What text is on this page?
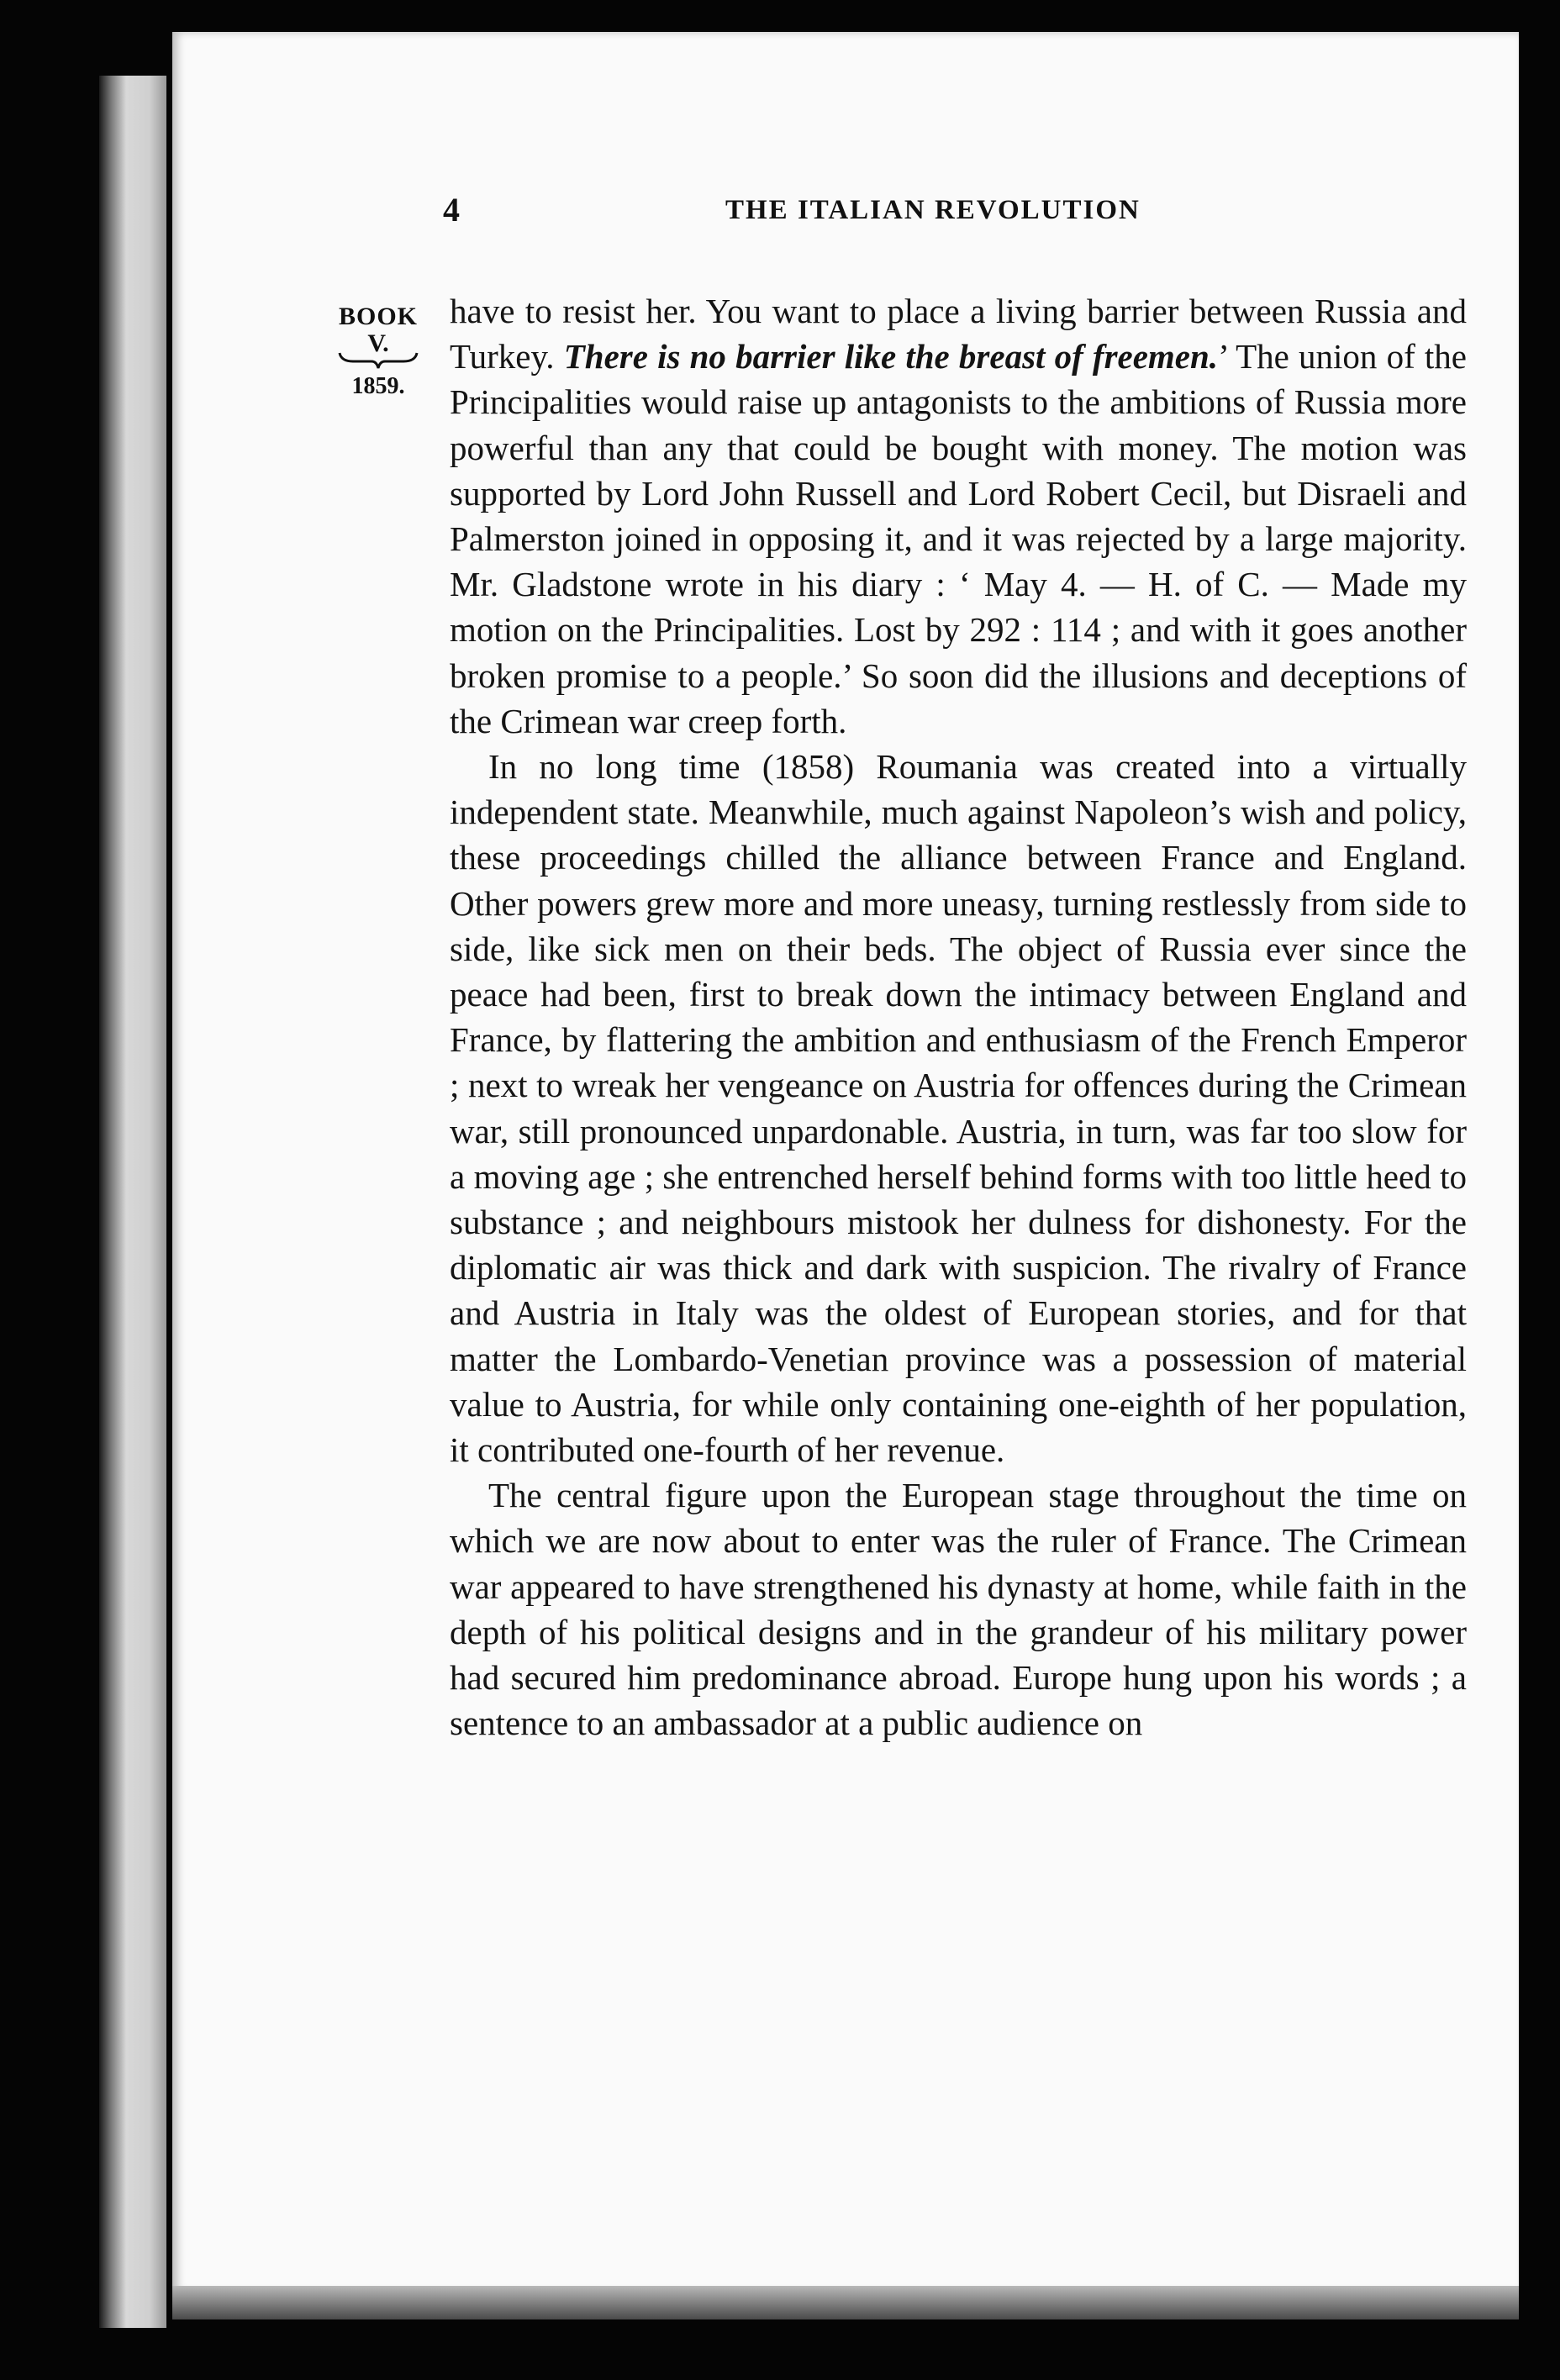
4	THE ITALIAN REVOLUTION
BOOK
V.
1859.

have to resist her. You want to place a living barrier between Russia and Turkey. There is no barrier like the breast of freemen.’ The union of the Principalities would raise up antagonists to the ambitions of Russia more powerful than any that could be bought with money. The motion was supported by Lord John Russell and Lord Robert Cecil, but Disraeli and Palmerston joined in opposing it, and it was rejected by a large majority. Mr. Gladstone wrote in his diary : ‘ May 4. — H. of C. — Made my motion on the Principalities. Lost by 292 : 114 ; and with it goes another broken promise to a people.’ So soon did the illusions and deceptions of the Crimean war creep forth.

In no long time (1858) Roumania was created into a virtually independent state. Meanwhile, much against Napoleon’s wish and policy, these proceedings chilled the alliance between France and England. Other powers grew more and more uneasy, turning restlessly from side to side, like sick men on their beds. The object of Russia ever since the peace had been, first to break down the intimacy between England and France, by flattering the ambition and enthusiasm of the French Emperor ; next to wreak her vengeance on Austria for offences during the Crimean war, still pronounced unpardonable. Austria, in turn, was far too slow for a moving age ; she entrenched herself behind forms with too little heed to substance ; and neighbours mistook her dulness for dishonesty. For the diplomatic air was thick and dark with suspicion. The rivalry of France and Austria in Italy was the oldest of European stories, and for that matter the Lombardo-Venetian province was a possession of material value to Austria, for while only containing one-eighth of her population, it contributed one-fourth of her revenue.

The central figure upon the European stage throughout the time on which we are now about to enter was the ruler of France. The Crimean war appeared to have strengthened his dynasty at home, while faith in the depth of his political designs and in the grandeur of his military power had secured him predominance abroad. Europe hung upon his words ; a sentence to an ambassador at a public audience on
